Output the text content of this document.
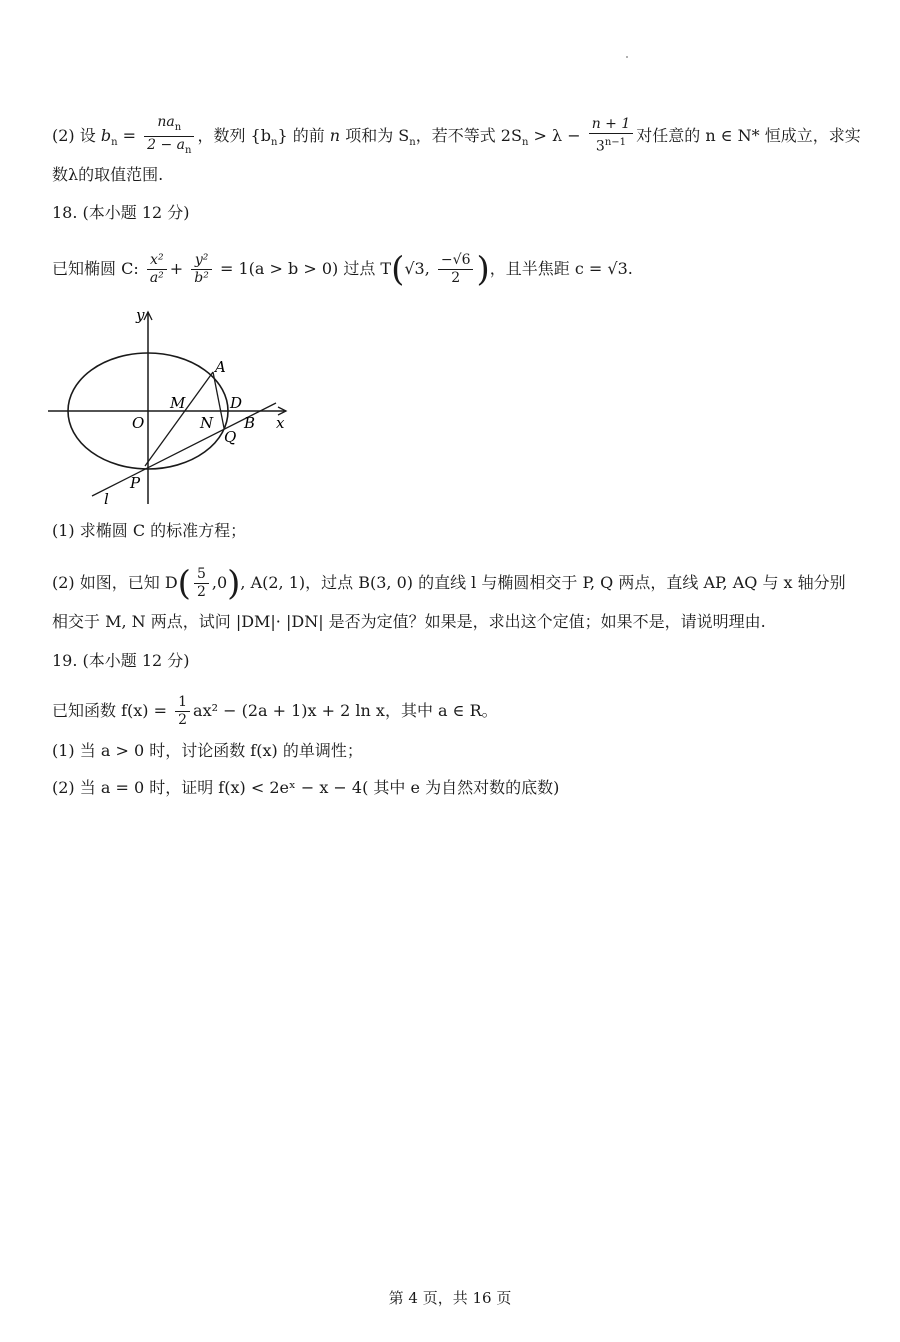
(2) 设 $b_n = \frac{na_n}{2 - a_n}$ ，数列 $\{b_n\}$ 的前 n 项和为 $S_n$，若不等式 $2S_n > \lambda - \frac{n + 1}{3^{n-1}}$ 对任意的 n ∈ N* 恒成立，求实
数λ的取值范围.
18. (本小题 12 分)
已知椭圆 C: $\frac{\text{x²}}{\text{a²}} + \frac{\text{y²}}{\text{b²}} = 1(a > b > 0)$ 过点 T(√3, $\frac{-√6}{2}$ )，且半焦距 c = √3.
y
x
O
A
M	D
N B
Q
P
l
(1) 求椭圆 C 的标准方程；
(2) 如图，已知 $D( \frac{5}{2} ,0)$, A(2, 1)，过点 B(3, 0) 的直线 l 与椭圆相交于 P, Q 两点，直线 AP, AQ 与 x 轴分别
相交于 M, N 两点，试问 |DM|· |DN| 是否为定值？如果是，求出这个定值；如果不是，请说明理由.
19. (本小题 12 分)
已知函数 $f(x) = \frac{1}{2} ax^2 - (2a + 1)x + 2$ ln x，其中 a ∈ R。
(1) 当 a > 0 时，讨论函数 f(x) 的单调性；
(2) 当 a = 0 时，证明 f(x) < 2eˣ − x − 4( 其中 e 为自然对数的底数)
第 4 页，共 16 页
